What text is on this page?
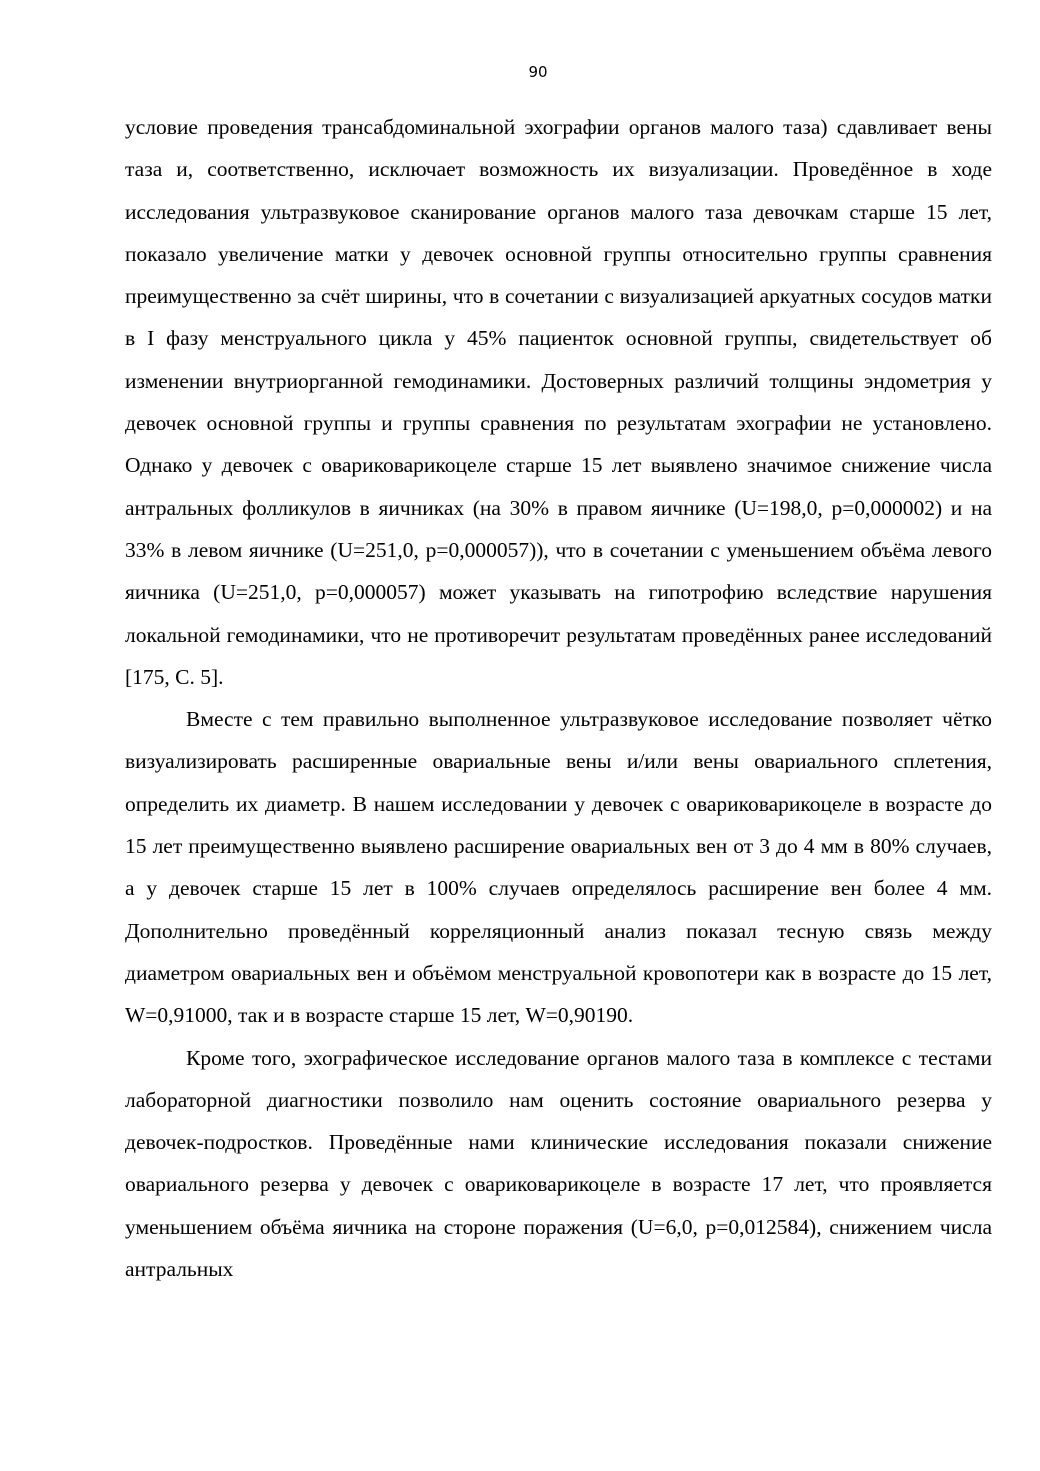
90

условие проведения трансабдоминальной эхографии органов малого таза) сдавливает вены таза и, соответственно, исключает возможность их визуализации. Проведённое в ходе исследования ультразвуковое сканирование органов малого таза девочкам старше 15 лет, показало увеличение матки у девочек основной группы относительно группы сравнения преимущественно за счёт ширины, что в сочетании с визуализацией аркуатных сосудов матки в I фазу менструального цикла у 45% пациенток основной группы, свидетельствует об изменении внутриорганной гемодинамики. Достоверных различий толщины эндометрия у девочек основной группы и группы сравнения по результатам эхографии не установлено. Однако у девочек с овариковарикоцеле старше 15 лет выявлено значимое снижение числа антральных фолликулов в яичниках (на 30% в правом яичнике (U=198,0, p=0,000002) и на 33% в левом яичнике (U=251,0, p=0,000057)), что в сочетании с уменьшением объёма левого яичника (U=251,0, p=0,000057) может указывать на гипотрофию вследствие нарушения локальной гемодинамики, что не противоречит результатам проведённых ранее исследований [175, С. 5].

Вместе с тем правильно выполненное ультразвуковое исследование позволяет чётко визуализировать расширенные овариальные вены и/или вены овариального сплетения, определить их диаметр. В нашем исследовании у девочек с овариковарикоцеле в возрасте до 15 лет преимущественно выявлено расширение овариальных вен от 3 до 4 мм в 80% случаев, а у девочек старше 15 лет в 100% случаев определялось расширение вен более 4 мм. Дополнительно проведённый корреляционный анализ показал тесную связь между диаметром овариальных вен и объёмом менструальной кровопотери как в возрасте до 15 лет, W=0,91000, так и в возрасте старше 15 лет, W=0,90190.

Кроме того, эхографическое исследование органов малого таза в комплексе с тестами лабораторной диагностики позволило нам оценить состояние овариального резерва у девочек-подростков. Проведённые нами клинические исследования показали снижение овариального резерва у девочек с овариковарикоцеле в возрасте 17 лет, что проявляется уменьшением объёма яичника на стороне поражения (U=6,0, p=0,012584), снижением числа антральных
